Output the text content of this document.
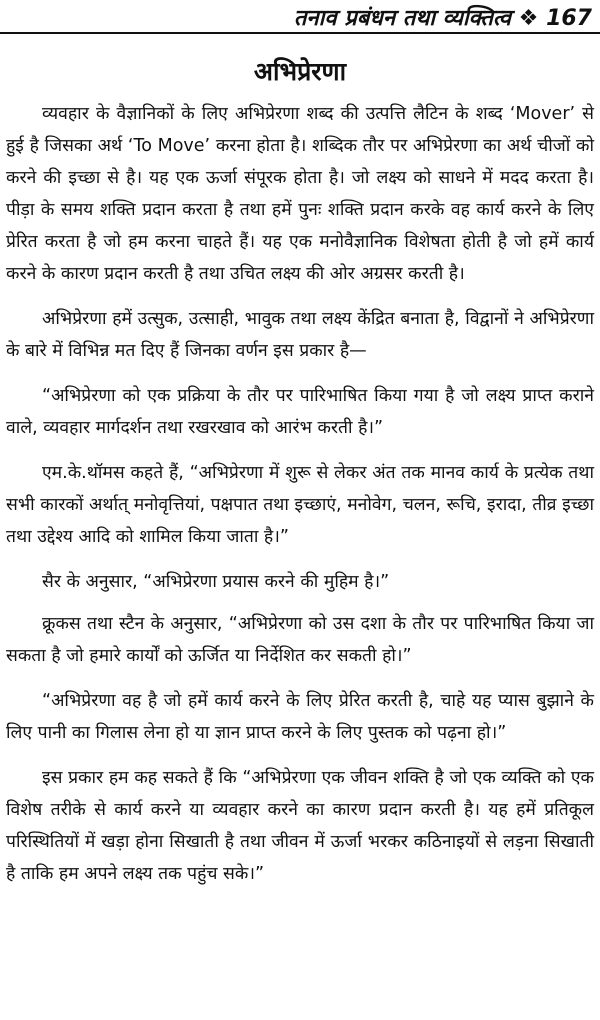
तनाव प्रबंधन तथा व्यक्तित्व ❖ 167
अभिप्रेरणा

व्यवहार के वैज्ञानिकों के लिए अभिप्रेरणा शब्द की उत्पत्ति लैटिन के शब्द ‘Mover’ से हुई है जिसका अर्थ ‘To Move’ करना होता है। शब्दिक तौर पर अभिप्रेरणा का अर्थ चीजों को करने की इच्छा से है। यह एक ऊर्जा संपूरक होता है। जो लक्ष्य को साधने में मदद करता है। पीड़ा के समय शक्ति प्रदान करता है तथा हमें पुनः शक्ति प्रदान करके वह कार्य करने के लिए प्रेरित करता है जो हम करना चाहते हैं। यह एक मनोवैज्ञानिक विशेषता होती है जो हमें कार्य करने के कारण प्रदान करती है तथा उचित लक्ष्य की ओर अग्रसर करती है।

अभिप्रेरणा हमें उत्सुक, उत्साही, भावुक तथा लक्ष्य केंद्रित बनाता है, विद्वानों ने अभिप्रेरणा के बारे में विभिन्न मत दिए हैं जिनका वर्णन इस प्रकार है—

“अभिप्रेरणा को एक प्रक्रिया के तौर पर पारिभाषित किया गया है जो लक्ष्य प्राप्त कराने वाले, व्यवहार मार्गदर्शन तथा रखरखाव को आरंभ करती है।”

एम.के.थॉमस कहते हैं, “अभिप्रेरणा में शुरू से लेकर अंत तक मानव कार्य के प्रत्येक तथा सभी कारकों अर्थात् मनोवृत्तियां, पक्षपात तथा इच्छाएं, मनोवेग, चलन, रूचि, इरादा, तीव्र इच्छा तथा उद्देश्य आदि को शामिल किया जाता है।”

सैर के अनुसार, “अभिप्रेरणा प्रयास करने की मुहिम है।”

क्रूकस तथा स्टैन के अनुसार, “अभिप्रेरणा को उस दशा के तौर पर पारिभाषित किया जा सकता है जो हमारे कार्यों को ऊर्जित या निर्देशित कर सकती हो।”

“अभिप्रेरणा वह है जो हमें कार्य करने के लिए प्रेरित करती है, चाहे यह प्यास बुझाने के लिए पानी का गिलास लेना हो या ज्ञान प्राप्त करने के लिए पुस्तक को पढ़ना हो।”

इस प्रकार हम कह सकते हैं कि “अभिप्रेरणा एक जीवन शक्ति है जो एक व्यक्ति को एक विशेष तरीके से कार्य करने या व्यवहार करने का कारण प्रदान करती है। यह हमें प्रतिकूल परिस्थितियों में खड़ा होना सिखाती है तथा जीवन में ऊर्जा भरकर कठिनाइयों से लड़ना सिखाती है ताकि हम अपने लक्ष्य तक पहुंच सके।”
